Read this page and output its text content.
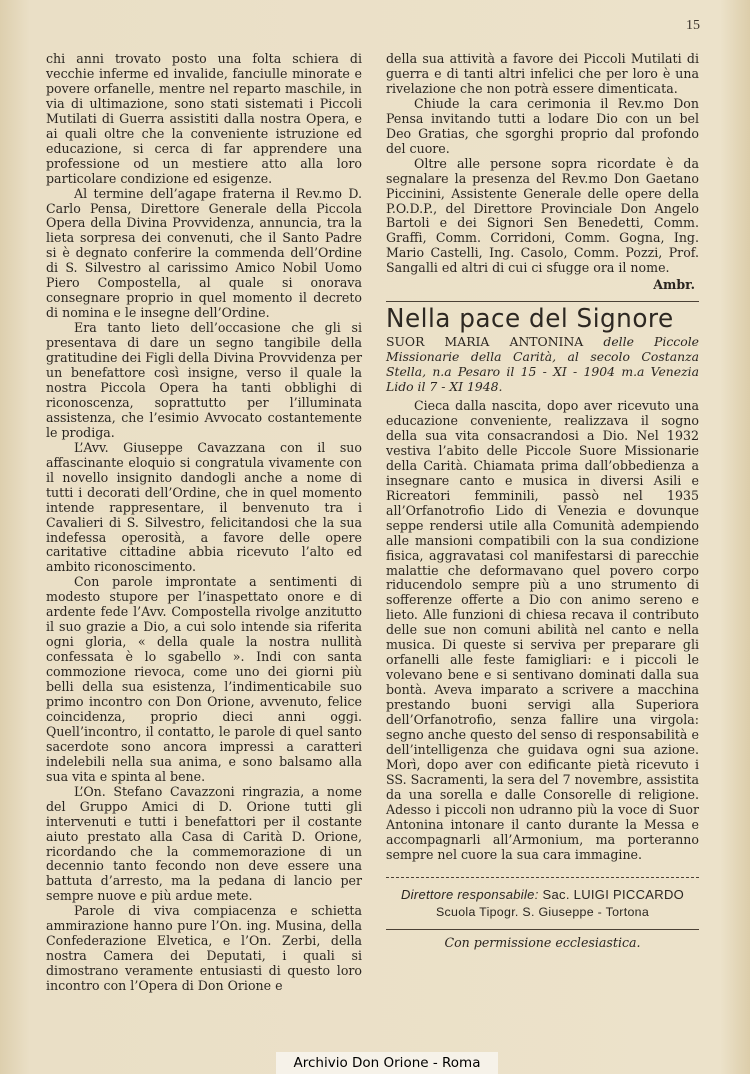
15

chi anni trovato posto una folta schiera di vecchie inferme ed invalide, fanciulle minorate e povere orfanelle, mentre nel reparto maschile, in via di ultimazione, sono stati sistemati i Piccoli Mutilati di Guerra assistiti dalla nostra Opera, e ai quali oltre che la conveniente istruzione ed educazione, si cerca di far apprendere una professione od un mestiere atto alla loro particolare condizione ed esigenze.

Al termine dell’agape fraterna il Rev.mo D. Carlo Pensa, Direttore Generale della Piccola Opera della Divina Provvidenza, annuncia, tra la lieta sorpresa dei convenuti, che il Santo Padre si è degnato conferire la commenda dell’Ordine di S. Silvestro al carissimo Amico Nobil Uomo Piero Compostella, al quale si onorava consegnare proprio in quel momento il decreto di nomina e le insegne dell’Ordine.

Era tanto lieto dell’occasione che gli si presentava di dare un segno tangibile della gratitudine dei Figli della Divina Provvidenza per un benefattore così insigne, verso il quale la nostra Piccola Opera ha tanti obblighi di riconoscenza, soprattutto per l’illuminata assistenza, che l’esimio Avvocato costantemente le prodiga.

L’Avv. Giuseppe Cavazzana con il suo affascinante eloquio si congratula vivamente con il novello insignito dandogli anche a nome di tutti i decorati dell’Ordine, che in quel momento intende rappresentare, il benvenuto tra i Cavalieri di S. Silvestro, felicitandosi che la sua indefessa operosità, a favore delle opere caritative cittadine abbia ricevuto l’alto ed ambito riconoscimento.

Con parole improntate a sentimenti di modesto stupore per l’inaspettato onore e di ardente fede l’Avv. Compostella rivolge anzitutto il suo grazie a Dio, a cui solo intende sia riferita ogni gloria, « della quale la nostra nullità confessata è lo sgabello ». Indi con santa commozione rievoca, come uno dei giorni più belli della sua esistenza, l’indimenticabile suo primo incontro con Don Orione, avvenuto, felice coincidenza, proprio dieci anni oggi. Quell’incontro, il contatto, le parole di quel santo sacerdote sono ancora impressi a caratteri indelebili nella sua anima, e sono balsamo alla sua vita e spinta al bene.

L’On. Stefano Cavazzoni ringrazia, a nome del Gruppo Amici di D. Orione tutti gli intervenuti e tutti i benefattori per il costante aiuto prestato alla Casa di Carità D. Orione, ricordando che la commemorazione di un decennio tanto fecondo non deve essere una battuta d’arresto, ma la pedana di lancio per sempre nuove e più ardue mete.

Parole di viva compiacenza e schietta ammirazione hanno pure l’On. ing. Musina, della Confederazione Elvetica, e l’On. Zerbi, della nostra Camera dei Deputati, i quali si dimostrano veramente entusiasti di questo loro incontro con l’Opera di Don Orione e

della sua attività a favore dei Piccoli Mutilati di guerra e di tanti altri infelici che per loro è una rivelazione che non potrà essere dimenticata.

Chiude la cara cerimonia il Rev.mo Don Pensa invitando tutti a lodare Dio con un bel Deo Gratias, che sgorghi proprio dal profondo del cuore.

Oltre alle persone sopra ricordate è da segnalare la presenza del Rev.mo Don Gaetano Piccinini, Assistente Generale delle opere della P.O.D.P., del Direttore Provinciale Don Angelo Bartoli e dei Signori Sen Benedetti, Comm. Graffi, Comm. Corridoni, Comm. Gogna, Ing. Mario Castelli, Ing. Casolo, Comm. Pozzi, Prof. Sangalli ed altri di cui ci sfugge ora il nome.

Ambr.
Nella pace del Signore

SUOR MARIA ANTONINA delle Piccole Missionarie della Carità, al secolo Costanza Stella, n.a Pesaro il 15 - XI - 1904 m.a Venezia Lido il 7 - XI 1948.

Cieca dalla nascita, dopo aver ricevuto una educazione conveniente, realizzava il sogno della sua vita consacrandosi a Dio. Nel 1932 vestiva l’abito delle Piccole Suore Missionarie della Carità. Chiamata prima dall’obbedienza a insegnare canto e musica in diversi Asili e Ricreatori femminili, passò nel 1935 all’Orfanotrofio Lido di Venezia e dovunque seppe rendersi utile alla Comunità adempiendo alle mansioni compatibili con la sua condizione fisica, aggravatasi col manifestarsi di parecchie malattie che deformavano quel povero corpo riducendolo sempre più a uno strumento di sofferenze offerte a Dio con animo sereno e lieto. Alle funzioni di chiesa recava il contributo delle sue non comuni abilità nel canto e nella musica. Di queste si serviva per preparare gli orfanelli alle feste famigliari: e i piccoli le volevano bene e si sentivano dominati dalla sua bontà. Aveva imparato a scrivere a macchina prestando buoni servigi alla Superiora dell’Orfanotrofio, senza fallire una virgola: segno anche questo del senso di responsabilità e dell’intelligenza che guidava ogni sua azione. Morì, dopo aver con edificante pietà ricevuto i SS. Sacramenti, la sera del 7 novembre, assistita da una sorella e dalle Consorelle di religione. Adesso i piccoli non udranno più la voce di Suor Antonina intonare il canto durante la Messa e accompagnarli all’Armonium, ma porteranno sempre nel cuore la sua cara immagine.

Direttore responsabile: Sac. LUIGI PICCARDO
Scuola Tipogr. S. Giuseppe - Tortona
Con permissione ecclesiastica.
Archivio Don Orione - Roma
